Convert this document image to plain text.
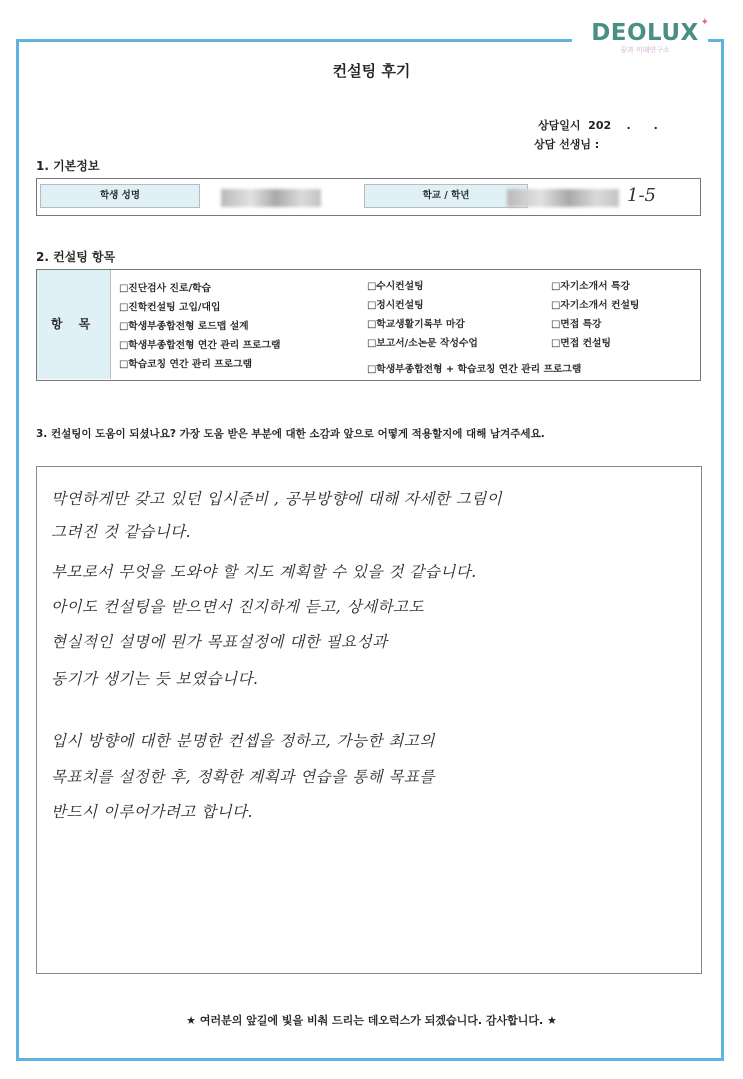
DEOLUX
꿈과 미래연구소
✦
컨설팅 후기
상담일시  202    .      .
상담 선생님 :
1. 기본정보
학생 성명	학교 / 학년	1-5
2. 컨설팅 항목
항 목
□진단검사 진로/학습
□진학컨설팅 고입/대입
□학생부종합전형 로드맵 설계
□학생부종합전형 연간 관리 프로그램
□학습코칭 연간 관리 프로그램
□수시컨설팅
□정시컨설팅
□학교생활기록부 마감
□보고서/소논문 작성수업
□자기소개서 특강
□자기소개서 컨설팅
□면접 특강
□면접 컨설팅
□학생부종합전형 + 학습코칭 연간 관리 프로그램
3. 컨설팅이 도움이 되셨나요? 가장 도움 받은 부분에 대한 소감과 앞으로 어떻게 적용할지에 대해 남겨주세요.
막연하게만 갖고 있던 입시준비 , 공부방향에 대해 자세한 그림이
그려진 것 같습니다.
부모로서 무엇을 도와야 할 지도 계획할 수 있을 것 같습니다.
아이도 컨설팅을 받으면서 진지하게 듣고, 상세하고도
현실적인 설명에 뭔가 목표설정에 대한 필요성과
동기가 생기는 듯 보였습니다.
입시 방향에 대한 분명한 컨셉을 정하고, 가능한 최고의
목표치를 설정한 후, 정확한 계획과 연습을 통해 목표를
반드시 이루어가려고 합니다.
★ 여러분의 앞길에 빛을 비춰 드리는 데오럭스가 되겠습니다. 감사합니다. ★
